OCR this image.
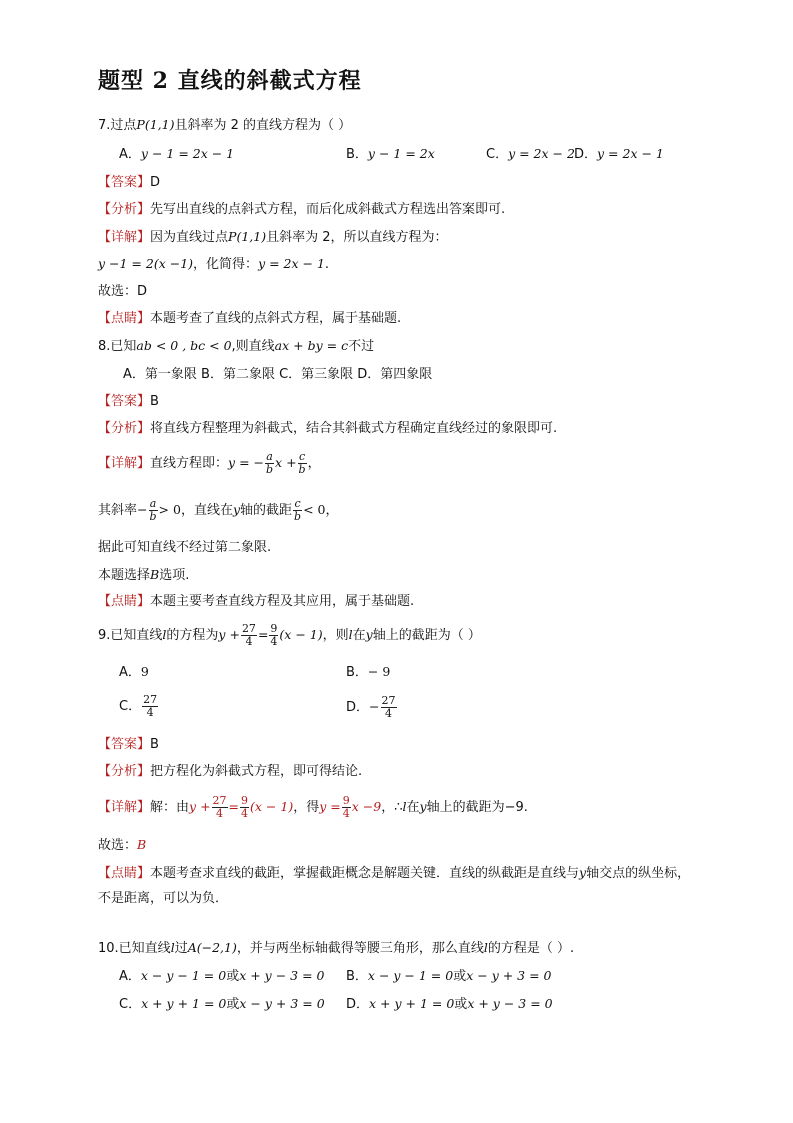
题型 2 直线的斜截式方程
7.过点P(1,1)且斜率为 2 的直线方程为（ ）
A．y − 1 = 2x − 1	B．y − 1 = 2x	C．y = 2x − 2 D．y = 2x − 1
【答案】D
【分析】先写出直线的点斜式方程，而后化成斜截式方程选出答案即可.
【详解】因为直线过点P(1,1)且斜率为 2，所以直线方程为：
y −1 = 2(x −1)，化简得：y = 2x − 1.
故选：D
【点睛】本题考查了直线的点斜式方程，属于基础题.
8.已知ab < 0 , bc < 0,则直线ax + by = c不过
A．第一象限 B．第二象限 C．第三象限 D．第四象限
【答案】B
【分析】将直线方程整理为斜截式，结合其斜截式方程确定直线经过的象限即可.
【详解】直线方程即：y = − $\frac{a}{b}$ $x + \frac{c}{b}$ ，
其斜率− $\frac{a}{b} > 0$，直线在y轴的截距 $\frac{c}{b} < 0$，
据此可知直线不经过第二象限.
本题选择B选项.
【点睛】本题主要考查直线方程及其应用，属于基础题.
9.已知直线l的方程为$y + \frac{27}{4} = \frac{9}{4} (x - 1)$，则l在y轴上的截距为（ ）
A．9	B．− 9
C． $\frac{27}{4}$	D．− $\frac{27}{4}$
【答案】B
【分析】把方程化为斜截式方程，即可得结论.
【详解】解：由$y + \frac{27}{4} = \frac{9}{4} (x - 1)$，得$y = \frac{9}{4}$ x −9，∴l在y轴上的截距为−9.
故选：B
【点睛】本题考查求直线的截距，掌握截距概念是解题关键．直线的纵截距是直线与y轴交点的纵坐标，
不是距离，可以为负．
10.已知直线l过A(−2,1)，并与两坐标轴截得等腰三角形，那么直线l的方程是（ ）.
A．x − y − 1 = 0或x + y − 3 = 0 B．x − y − 1 = 0或x − y + 3 = 0
C．x + y + 1 = 0或x − y + 3 = 0 D．x + y + 1 = 0或x + y − 3 = 0
